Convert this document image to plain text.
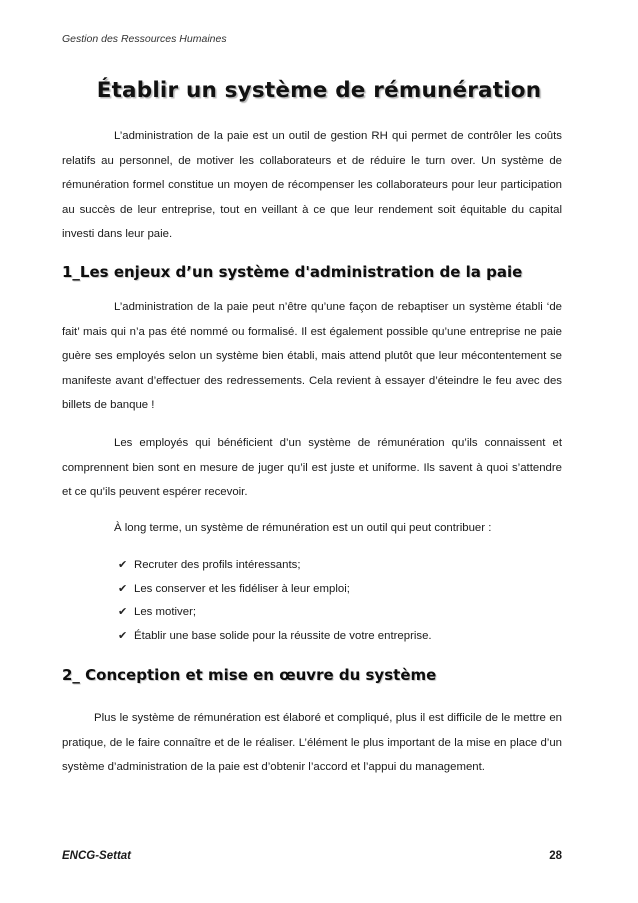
Gestion des Ressources Humaines
Établir un système de rémunération

L’administration de la paie est un outil de gestion RH qui permet de contrôler les coûts relatifs au personnel, de motiver les collaborateurs et de réduire le turn over. Un système de rémunération formel constitue un moyen de récompenser les collaborateurs pour leur participation au succès de leur entreprise, tout en veillant à ce que leur rendement soit équitable du capital investi dans leur paie.

1_Les enjeux d’un système d'administration de la paie

L’administration de la paie peut n’être qu’une façon de rebaptiser un système établi ‘de fait’ mais qui n’a pas été nommé ou formalisé. Il est également possible qu’une entreprise ne paie guère ses employés selon un système bien établi, mais attend plutôt que leur mécontentement se manifeste avant d’effectuer des redressements. Cela revient à essayer d’éteindre le feu avec des billets de banque !

Les employés qui bénéficient d’un système de rémunération qu’ils connaissent et comprennent bien sont en mesure de juger qu’il est juste et uniforme. Ils savent à quoi s’attendre et ce qu’ils peuvent espérer recevoir.

À long terme, un système de rémunération est un outil qui peut contribuer :

✔ Recruter des profils intéressants;
✔ Les conserver et les fidéliser à leur emploi;
✔ Les motiver;
✔ Établir une base solide pour la réussite de votre entreprise.
2_ Conception et mise en œuvre du système

Plus le système de rémunération est élaboré et compliqué, plus il est difficile de le mettre en pratique, de le faire connaître et de le réaliser. L’élément le plus important de la mise en place d’un système d’administration de la paie est d’obtenir l’accord et l’appui du management.

ENCG-Settat	28
